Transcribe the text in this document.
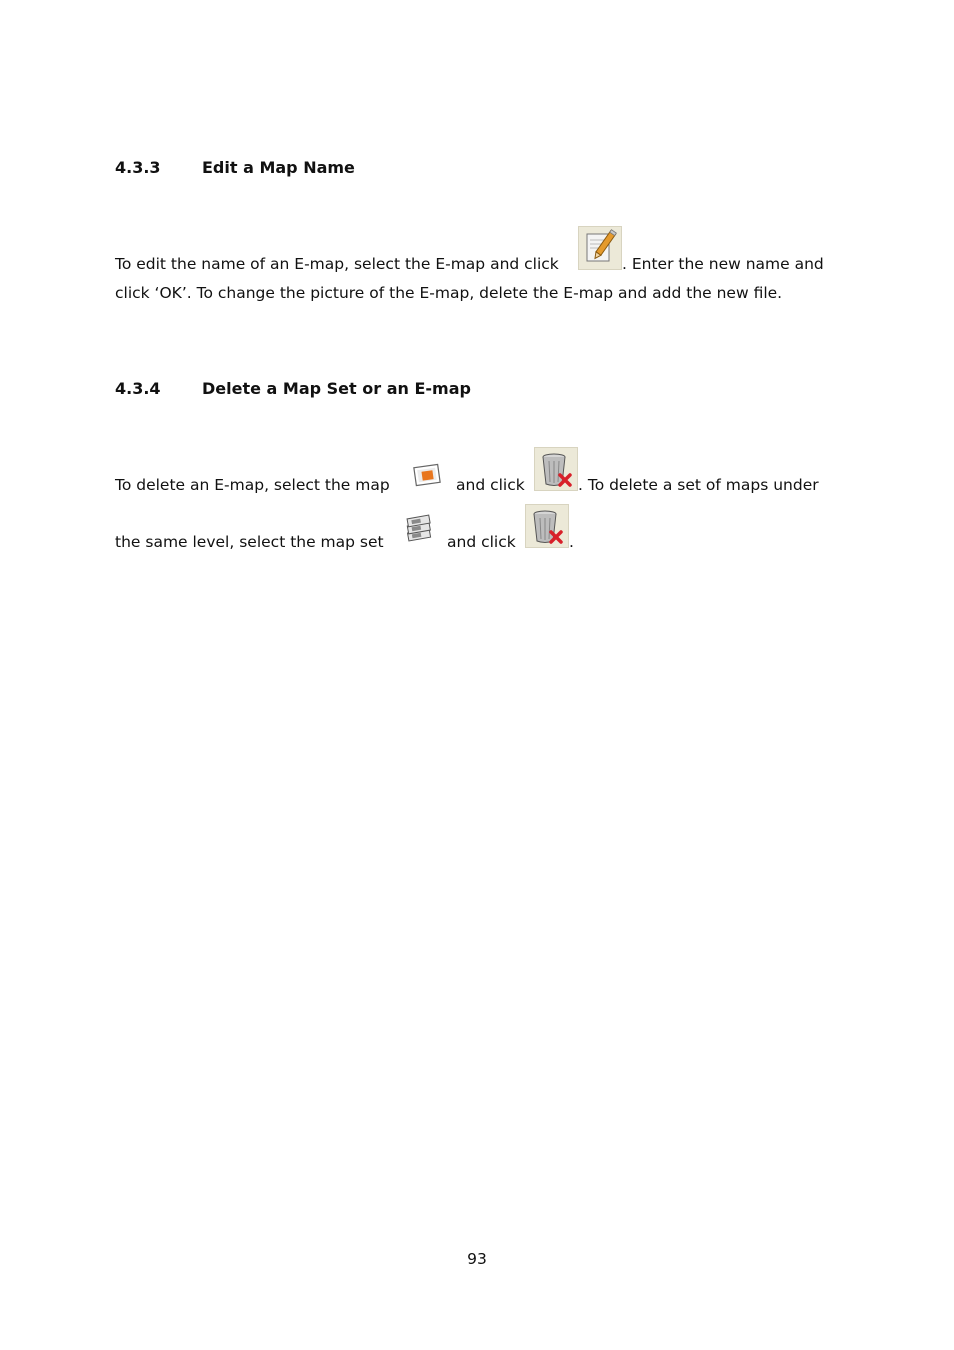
4.3.3	Edit a Map Name

To edit the name of an E-map, select the E-map and click	. Enter the new name and

click ‘OK’. To change the picture of the E-map, delete the E-map and add the new file.

4.3.4	Delete a Map Set or an E-map

To delete an E-map, select the map	and click	. To delete a set of maps under

the same level, select the map set	and click	.

93
